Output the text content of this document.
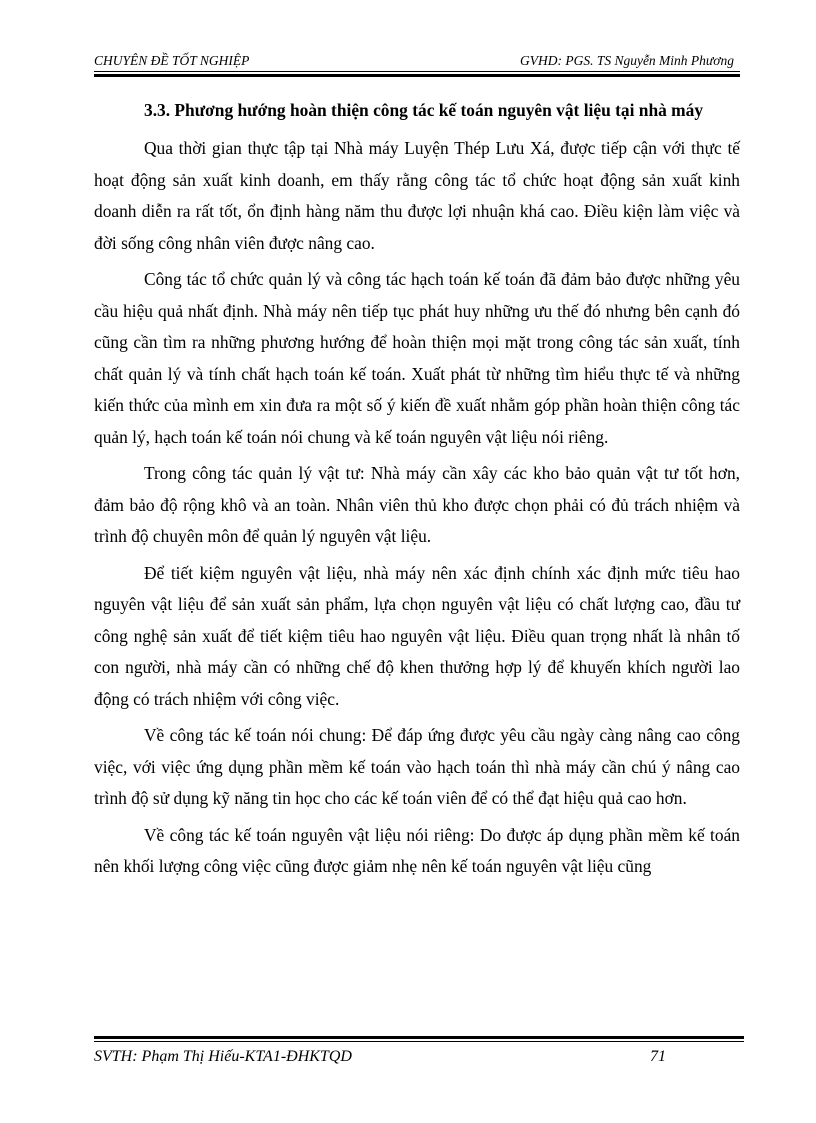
CHUYÊN ĐỀ TỐT NGHIỆP	GVHD: PGS. TS Nguyễn Minh Phương

3.3. Phương hướng hoàn thiện công tác kế toán nguyên vật liệu tại nhà máy

Qua thời gian thực tập tại Nhà máy Luyện Thép Lưu Xá, được tiếp cận với thực tế hoạt động sản xuất kinh doanh, em thấy rằng công tác tổ chức hoạt động sản xuất kinh doanh diễn ra rất tốt, ổn định hàng năm thu được lợi nhuận khá cao. Điều kiện làm việc và đời sống công nhân viên được nâng cao.

Công tác tổ chức quản lý và công tác hạch toán kế toán đã đảm bảo được những yêu cầu hiệu quả nhất định. Nhà máy nên tiếp tục phát huy những ưu thế đó nhưng bên cạnh đó cũng cần tìm ra những phương hướng để hoàn thiện mọi mặt trong công tác sản xuất, tính chất quản lý và tính chất hạch toán kế toán. Xuất phát từ những tìm hiểu thực tế và những kiến thức của mình em xin đưa ra một số ý kiến đề xuất nhằm góp phần hoàn thiện công tác quản lý, hạch toán kế toán nói chung và kế toán nguyên vật liệu nói riêng.

Trong công tác quản lý vật tư: Nhà máy cần xây các kho bảo quản vật tư tốt hơn, đảm bảo độ rộng khô và an toàn. Nhân viên thủ kho được chọn phải có đủ trách nhiệm và trình độ chuyên môn để quản lý nguyên vật liệu.

Để tiết kiệm nguyên vật liệu, nhà máy nên xác định chính xác định mức tiêu hao nguyên vật liệu để sản xuất sản phẩm, lựa chọn nguyên vật liệu có chất lượng cao, đầu tư công nghệ sản xuất để tiết kiệm tiêu hao nguyên vật liệu. Điều quan trọng nhất là nhân tố con người, nhà máy cần có những chế độ khen thưởng hợp lý để khuyến khích người lao động có trách nhiệm với công việc.

Về công tác kế toán nói chung: Để đáp ứng được yêu cầu ngày càng nâng cao công việc, với việc ứng dụng phần mềm kế toán vào hạch toán thì nhà máy cần chú ý nâng cao trình độ sử dụng kỹ năng tin học cho các kế toán viên để có thể đạt hiệu quả cao hơn.

Về công tác kế toán nguyên vật liệu nói riêng: Do được áp dụng phần mềm kế toán nên khối lượng công việc cũng được giảm nhẹ nên kế toán nguyên vật liệu cũng

SVTH: Phạm Thị Hiếu-KTA1-ĐHKTQD	71
